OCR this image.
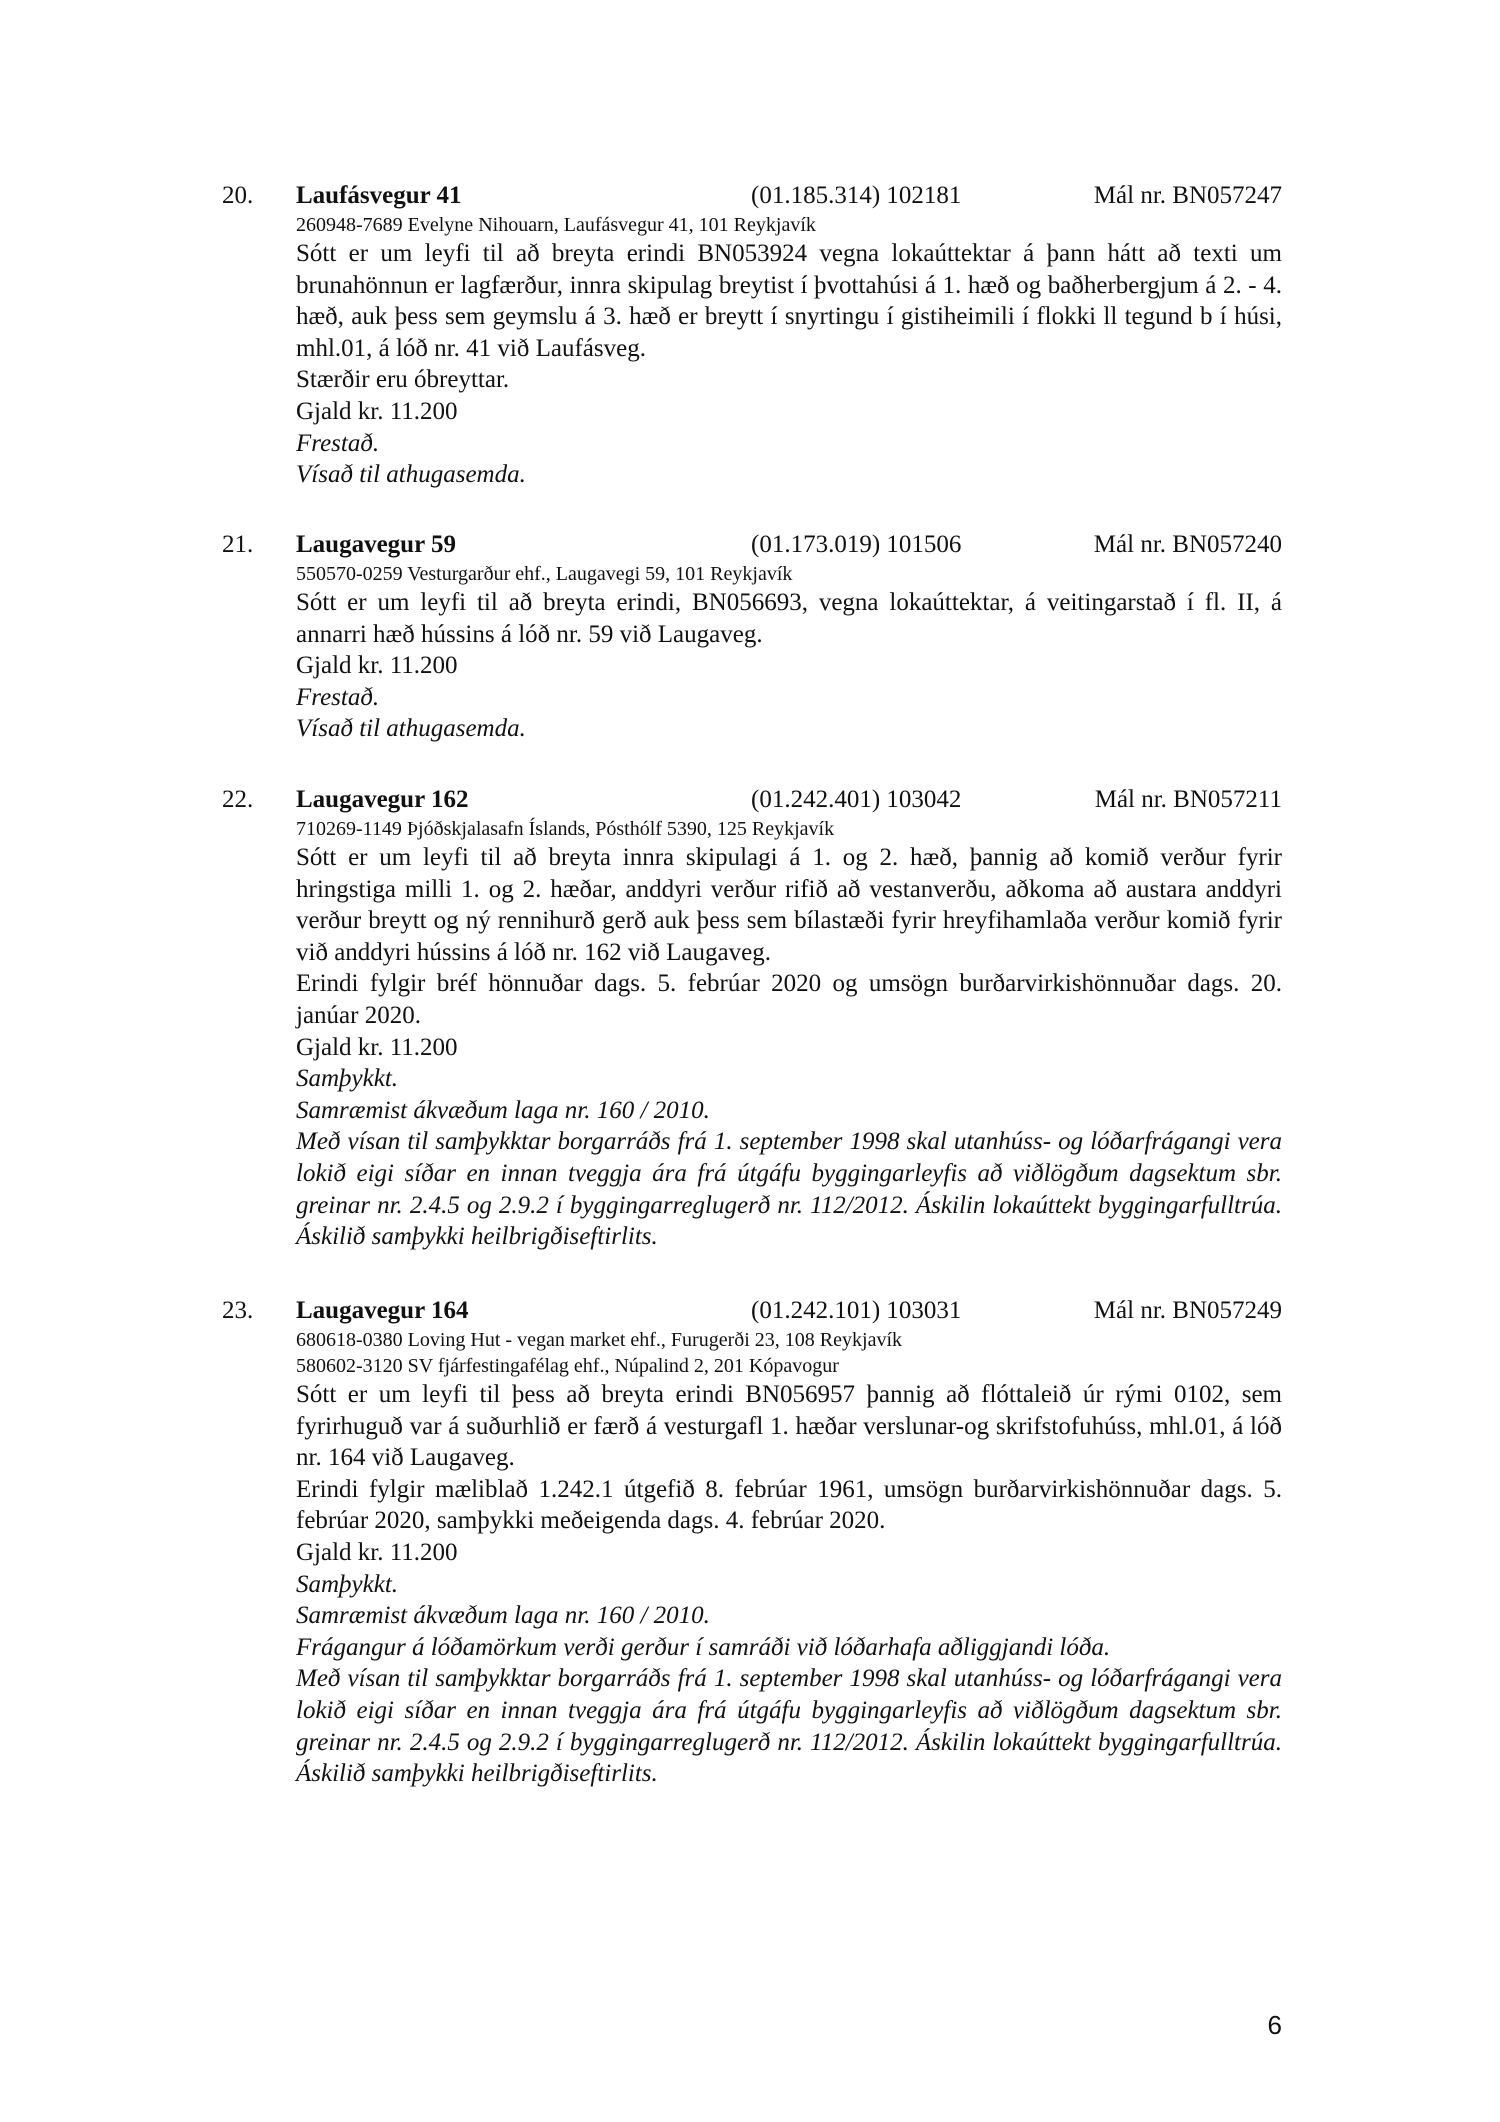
20. Laufásvegur 41	(01.185.314) 102181	Mál nr. BN057247
260948-7689 Evelyne Nihouarn, Laufásvegur 41, 101 Reykjavík

Sótt er um leyfi til að breyta erindi BN053924 vegna lokaúttektar á þann hátt að texti um brunahönnun er lagfærður, innra skipulag breytist í þvottahúsi á 1. hæð og baðherbergjum á 2. - 4. hæð, auk þess sem geymslu á 3. hæð er breytt í snyrtingu í gistiheimili í flokki ll tegund b í húsi, mhl.01, á lóð nr. 41 við Laufásveg.

Stærðir eru óbreyttar.

Gjald kr. 11.200

Frestað.

Vísað til athugasemda.

21. Laugavegur 59	(01.173.019) 101506	Mál nr. BN057240
550570-0259 Vesturgarður ehf., Laugavegi 59, 101 Reykjavík

Sótt er um leyfi til að breyta erindi, BN056693, vegna lokaúttektar, á veitingarstað í fl. II, á annarri hæð hússins á lóð nr. 59 við Laugaveg.

Gjald kr. 11.200

Frestað.

Vísað til athugasemda.

22. Laugavegur 162	(01.242.401) 103042	Mál nr. BN057211
710269-1149 Þjóðskjalasafn Íslands, Pósthólf 5390, 125 Reykjavík

Sótt er um leyfi til að breyta innra skipulagi á 1. og 2. hæð, þannig að komið verður fyrir hringstiga milli 1. og 2. hæðar, anddyri verður rifið að vestanverðu, aðkoma að austara anddyri verður breytt og ný rennihurð gerð auk þess sem bílastæði fyrir hreyfihamlaða verður komið fyrir við anddyri hússins á lóð nr. 162 við Laugaveg.

Erindi fylgir bréf hönnuðar dags. 5. febrúar 2020 og umsögn burðarvirkishönnuðar dags. 20. janúar 2020.

Gjald kr. 11.200

Samþykkt.

Samræmist ákvæðum laga nr. 160 / 2010.

Með vísan til samþykktar borgarráðs frá 1. september 1998 skal utanhúss- og lóðarfrágangi vera lokið eigi síðar en innan tveggja ára frá útgáfu byggingarleyfis að viðlögðum dagsektum sbr. greinar nr. 2.4.5 og 2.9.2 í byggingarreglugerð nr. 112/2012. Áskilin lokaúttekt byggingarfulltrúa. Áskilið samþykki heilbrigðiseftirlits.

23. Laugavegur 164	(01.242.101) 103031	Mál nr. BN057249
680618-0380 Loving Hut - vegan market ehf., Furugerði 23, 108 Reykjavík
580602-3120 SV fjárfestingafélag ehf., Núpalind 2, 201 Kópavogur

Sótt er um leyfi til þess að breyta erindi BN056957 þannig að flóttaleið úr rými 0102, sem fyrirhuguð var á suðurhlið er færð á vesturgafl 1. hæðar verslunar-og skrifstofuhúss, mhl.01, á lóð nr. 164 við Laugaveg.

Erindi fylgir mæliblað 1.242.1 útgefið 8. febrúar 1961, umsögn burðarvirkishönnuðar dags. 5. febrúar 2020, samþykki meðeigenda dags. 4. febrúar 2020.

Gjald kr. 11.200

Samþykkt.

Samræmist ákvæðum laga nr. 160 / 2010.

Frágangur á lóðamörkum verði gerður í samráði við lóðarhafa aðliggjandi lóða.

Með vísan til samþykktar borgarráðs frá 1. september 1998 skal utanhúss- og lóðarfrágangi vera lokið eigi síðar en innan tveggja ára frá útgáfu byggingarleyfis að viðlögðum dagsektum sbr. greinar nr. 2.4.5 og 2.9.2 í byggingarreglugerð nr. 112/2012. Áskilin lokaúttekt byggingarfulltrúa. Áskilið samþykki heilbrigðiseftirlits.

6
